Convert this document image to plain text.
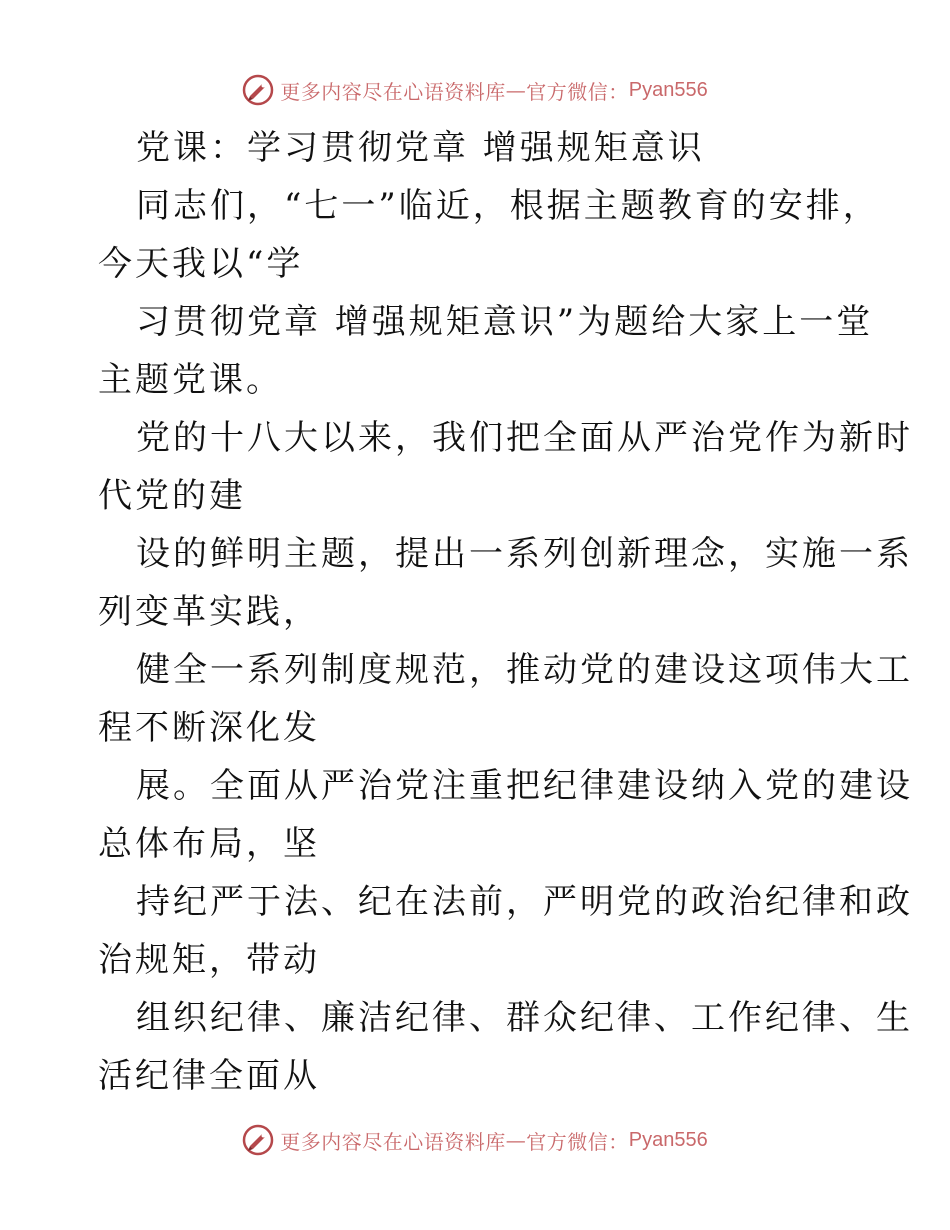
更多内容尽在心语资料库 — 官方微信： Pyan556
党课：学习贯彻党章 增强规矩意识
同志们，“七一”临近，根据主题教育的安排，
今天我以“学
习贯彻党章 增强规矩意识”为题给大家上一堂
主题党课。
党的十八大以来，我们把全面从严治党作为新时
代党的建
设的鲜明主题，提出一系列创新理念，实施一系
列变革实践，
健全一系列制度规范，推动党的建设这项伟大工
程不断深化发
展。全面从严治党注重把纪律建设纳入党的建设
总体布局，坚
持纪严于法、纪在法前，严明党的政治纪律和政
治规矩，带动
组织纪律、廉洁纪律、群众纪律、工作纪律、生
活纪律全面从
更多内容尽在心语资料库 — 官方微信： Pyan556
